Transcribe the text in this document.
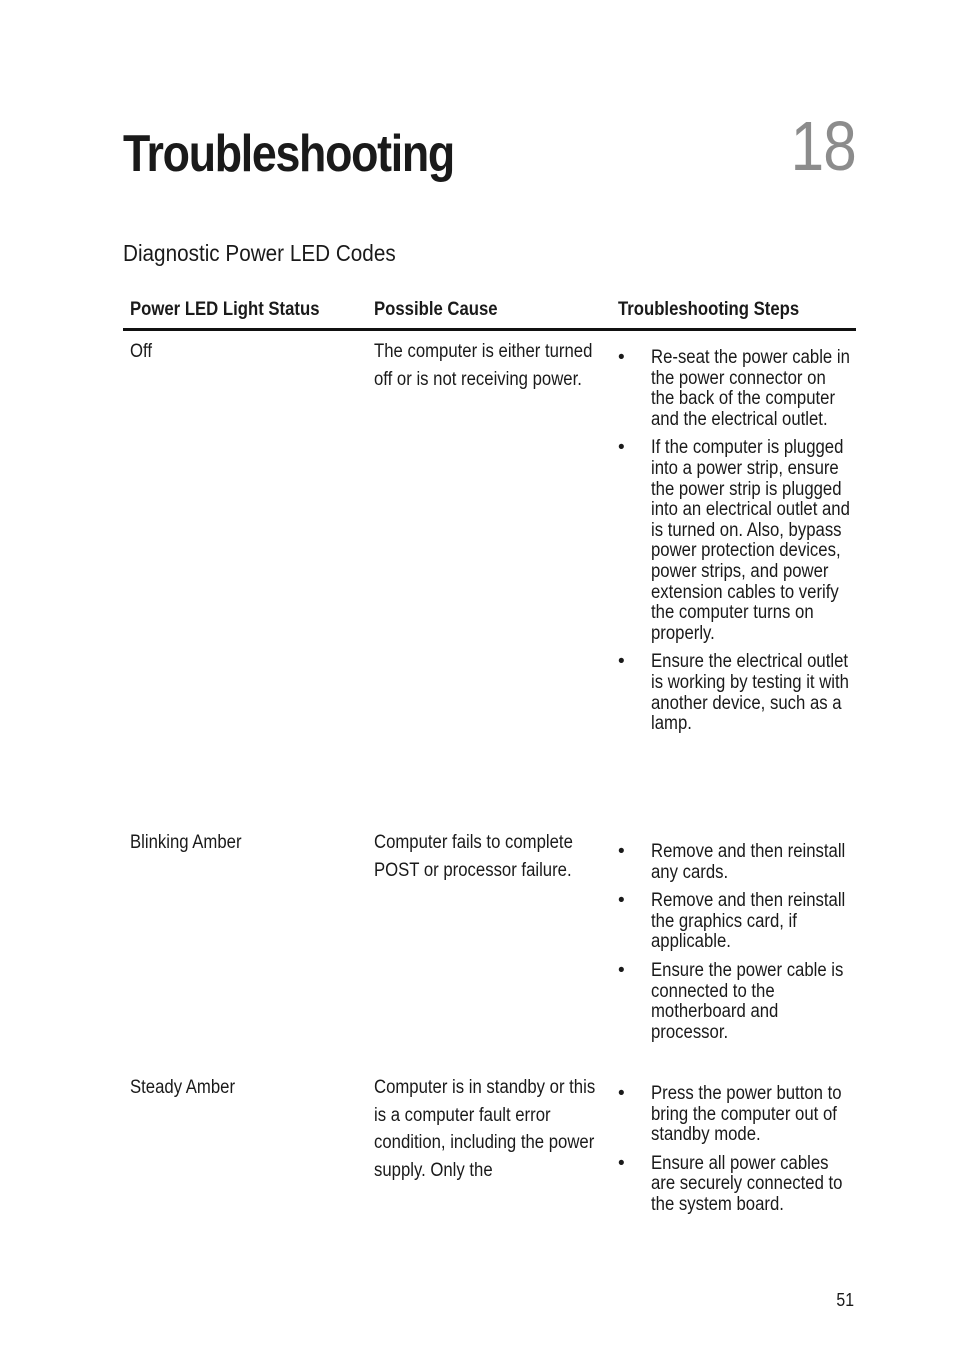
Troubleshooting	18
Diagnostic Power LED Codes
Power LED Light Status	Possible Cause	Troubleshooting Steps
Off	The computer is either turned off or is not receiving power.
• Re-seat the power cable in the power connector on the back of the computer and the electrical outlet.
• If the computer is plugged into a power strip, ensure the power strip is plugged into an electrical outlet and is turned on. Also, bypass power protection devices, power strips, and power extension cables to verify the computer turns on properly.
• Ensure the electrical outlet is working by testing it with another device, such as a lamp.
Blinking Amber	Computer fails to complete POST or processor failure.
• Remove and then reinstall any cards.
• Remove and then reinstall the graphics card, if applicable.
• Ensure the power cable is connected to the motherboard and processor.
Steady Amber	Computer is in standby or this is a computer fault error condition, including the power supply. Only the
• Press the power button to bring the computer out of standby mode.
• Ensure all power cables are securely connected to the system board.
51
